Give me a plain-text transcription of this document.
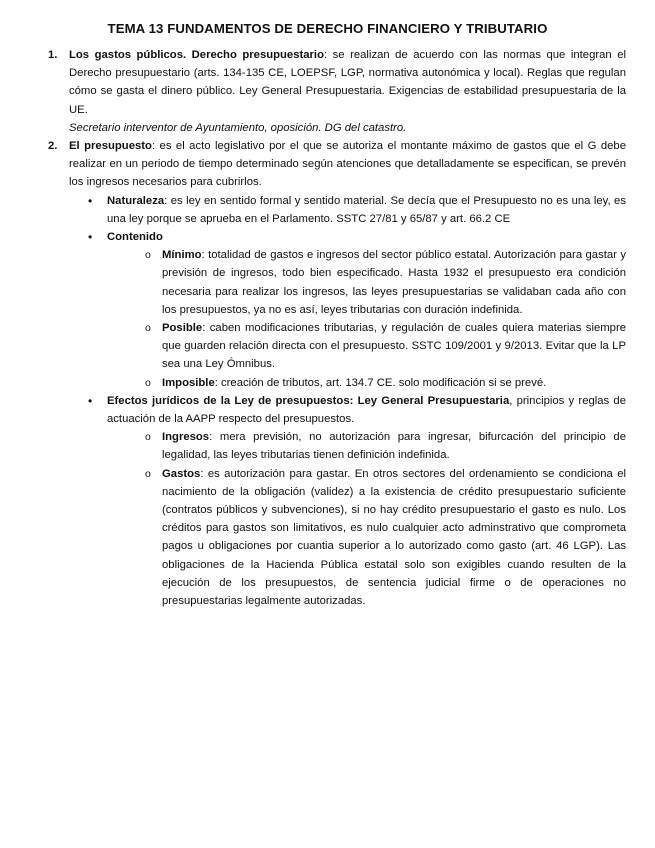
TEMA 13 FUNDAMENTOS DE DERECHO FINANCIERO Y TRIBUTARIO
1. Los gastos públicos. Derecho presupuestario: se realizan de acuerdo con las normas que integran el Derecho presupuestario (arts. 134-135 CE, LOEPSF, LGP, normativa autonómica y local). Reglas que regulan cómo se gasta el dinero público. Ley General Presupuestaria. Exigencias de estabilidad presupuestaria de la UE.

Secretario interventor de Ayuntamiento, oposición. DG del catastro.

2. El presupuesto: es el acto legislativo por el que se autoriza el montante máximo de gastos que el G debe realizar en un periodo de tiempo determinado según atenciones que detalladamente se especifican, se prevén los ingresos necesarios para cubrirlos.

• Naturaleza: es ley en sentido formal y sentido material. Se decía que el Presupuesto no es una ley, es una ley porque se aprueba en el Parlamento. SSTC 27/81 y 65/87 y art. 66.2 CE

• Contenido

o Mínimo: totalidad de gastos e ingresos del sector público estatal. Autorización para gastar y previsión de ingresos, todo bien especificado. Hasta 1932 el presupuesto era condición necesaria para realizar los ingresos, las leyes presupuestarias se validaban cada año con los presupuestos, ya no es así, leyes tributarias con duración indefinida.

o Posible: caben modificaciones tributarias, y regulación de cuales quiera materias siempre que guarden relación directa con el presupuesto. SSTC 109/2001 y 9/2013. Evitar que la LP sea una Ley Ómnibus.

o Imposible: creación de tributos, art. 134.7 CE. solo modificación si se prevé.

• Efectos jurídicos de la Ley de presupuestos: Ley General Presupuestaria, principios y reglas de actuación de la AAPP respecto del presupuestos.

o Ingresos: mera previsión, no autorización para ingresar, bifurcación del principio de legalidad, las leyes tributarias tienen definición indefinida.

o Gastos: es autorización para gastar. En otros sectores del ordenamiento se condiciona el nacimiento de la obligación (validez) a la existencia de crédito presupuestario suficiente (contratos públicos y subvenciones), si no hay crédito presupuestario el gasto es nulo. Los créditos para gastos son limitativos, es nulo cualquier acto adminstrativo que comprometa pagos u obligaciones por cuantia superior a lo autorizado como gasto (art. 46 LGP). Las obligaciones de la Hacienda Pública estatal solo son exigibles cuando resulten de la ejecución de los presupuestos, de sentencia judicial firme o de operaciones no presupuestarias legalmente autorizadas.
